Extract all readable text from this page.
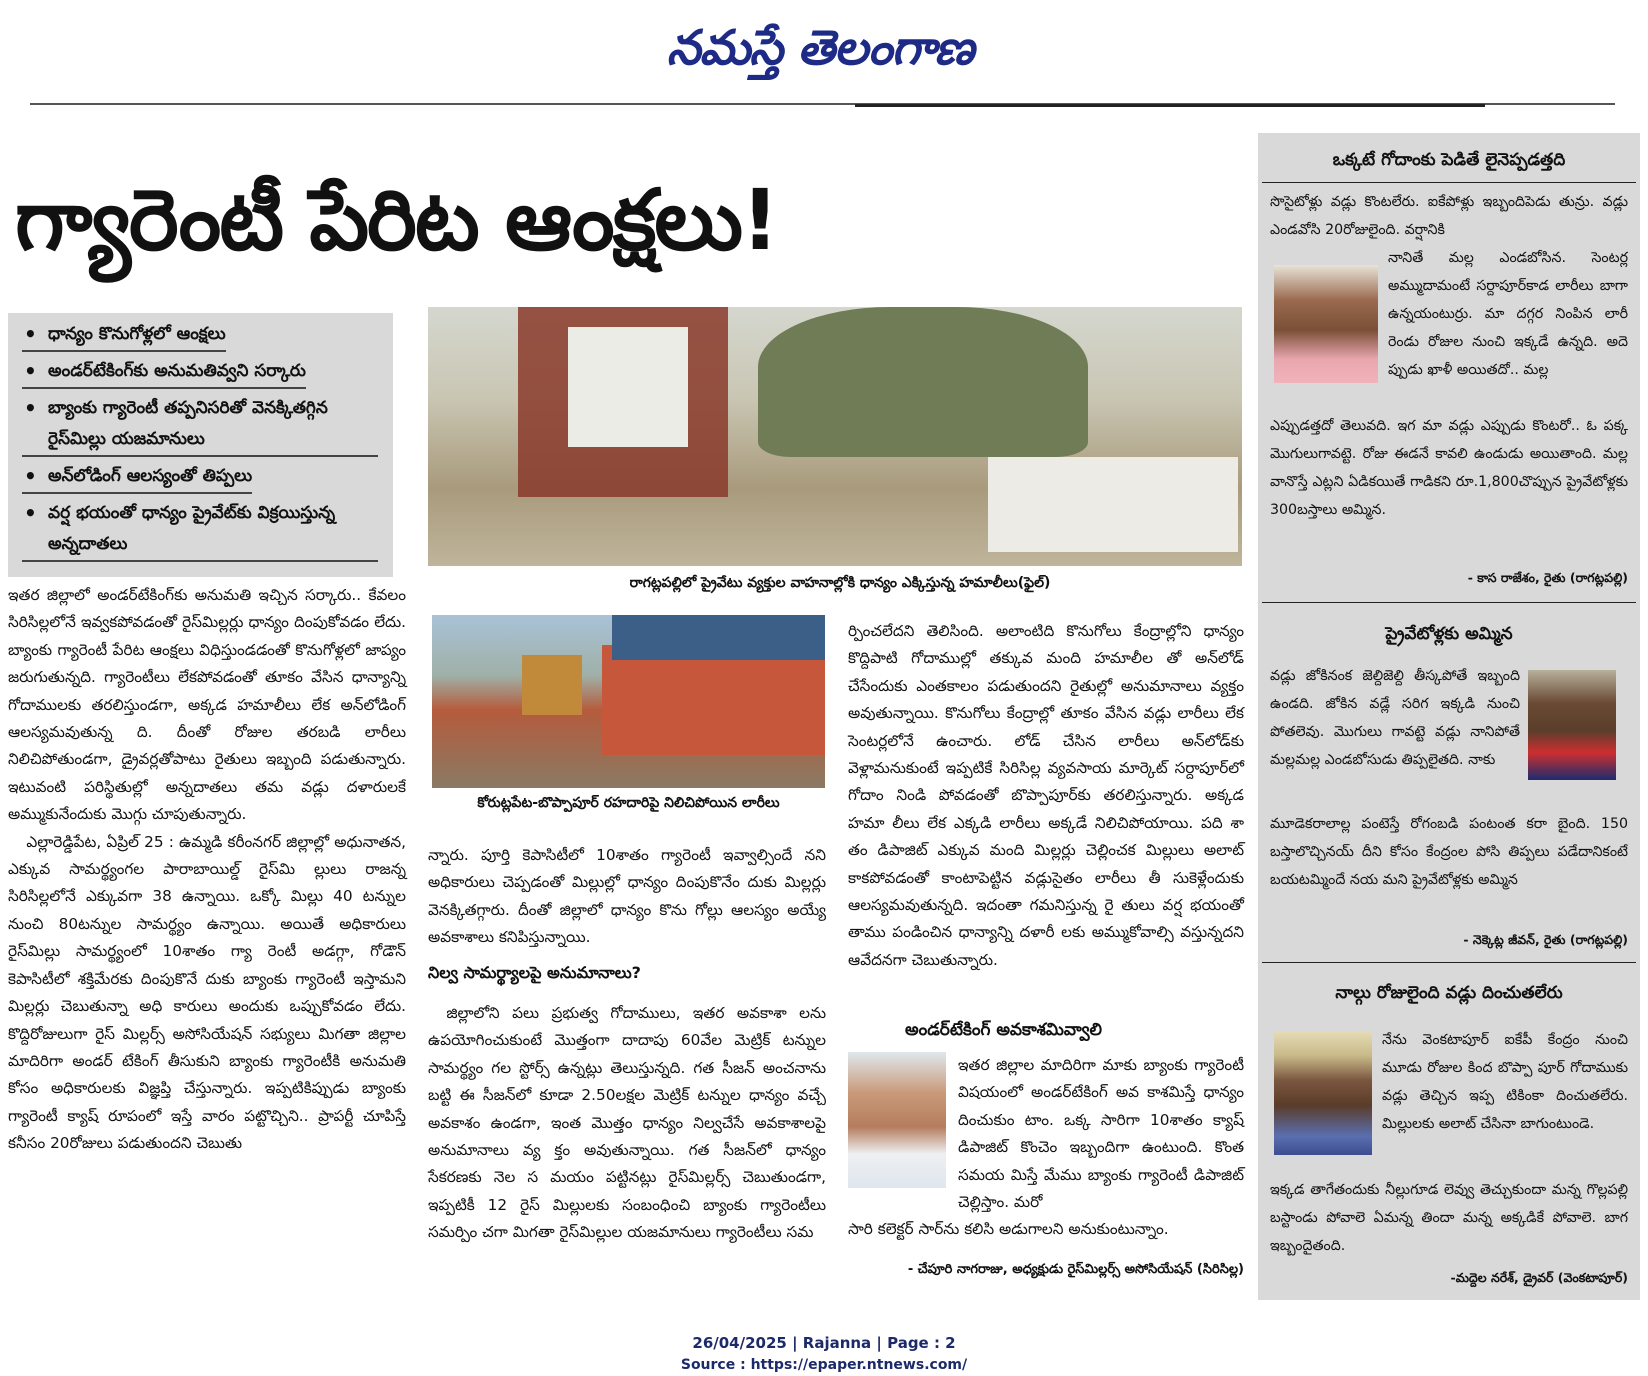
నమస్తే తెలంగాణ
గ్యారెంటీ పేరిట ఆంక్షలు!
• ధాన్యం కొనుగోళ్లలో ఆంక్షలు
• అండర్‌టేకింగ్‌కు అనుమతివ్వని సర్కారు
• బ్యాంకు గ్యారెంటీ తప్పనిసరితో వెనక్కితగ్గిన రైస్‌మిల్లు యజమానులు
• అన్‌లోడింగ్ ఆలస్యంతో తిప్పలు
• వర్ష భయంతో ధాన్యం ప్రైవేట్‌కు విక్రయిస్తున్న అన్నదాతలు
రాగట్లపల్లిలో ప్రైవేటు వ్యక్తుల వాహనాల్లోకి ధాన్యం ఎక్కిస్తున్న హమాలీలు(ఫైల్)
కోరుట్లపేట-బొప్పాపూర్ రహదారిపై నిలిచిపోయిన లారీలు

ఇతర జిల్లాలో అండర్‌టేకింగ్‌కు అనుమతి ఇచ్చిన సర్కారు.. కేవలం సిరిసిల్లలోనే ఇవ్వకపోవడంతో రైస్‌మిల్లర్లు ధాన్యం దింపుకోవడం లేదు. బ్యాంకు గ్యారెంటీ పేరిట ఆంక్షలు విధిస్తుండడంతో కొనుగోళ్లలో జాప్యం జరుగుతున్నది. గ్యారెంటీలు లేకపోవడంతో తూకం వేసిన ధాన్యాన్ని గోదాములకు తరలిస్తుండగా, అక్కడ హమాలీలు లేక అన్‌లోడింగ్ ఆలస్యమవుతున్న ది. దీంతో రోజుల తరబడి లారీలు నిలిచిపోతుండగా, డ్రైవర్లతోపాటు రైతులు ఇబ్బంది పడుతున్నారు. ఇటువంటి పరిస్థితుల్లో అన్నదాతలు తమ వడ్లు దళారులకే అమ్ముకునేందుకు మొగ్గు చూపుతున్నారు.

ఎల్లారెడ్డిపేట, ఏప్రిల్ 25 : ఉమ్మడి కరీంనగర్ జిల్లాల్లో అధునాతన, ఎక్కువ సామర్థ్యంగల పారాబాయిల్డ్ రైస్‌మి ల్లులు రాజన్న సిరిసిల్లలోనే ఎక్కువగా 38 ఉన్నాయి. ఒక్కో మిల్లు 40 టన్నుల నుంచి 80టన్నుల సామర్థ్యం ఉన్నాయి. అయితే అధికారులు రైస్‌మిల్లు సామర్థ్యంలో 10శాతం గ్యా రెంటీ అడగ్గా, గోడౌన్ కెపాసిటీలో శక్తిమేరకు దింపుకొనే దుకు బ్యాంకు గ్యారెంటీ ఇస్తామని మిల్లర్లు చెబుతున్నా అధి కారులు అందుకు ఒప్పుకోవడం లేదు. కొద్దిరోజులుగా రైస్ మిల్లర్స్ అసోసియేషన్ సభ్యులు మిగతా జిల్లాల మాదిరిగా అండర్ టేకింగ్ తీసుకుని బ్యాంకు గ్యారెంటీకి అనుమతి కోసం అధికారులకు విజ్ఞప్తి చేస్తున్నారు. ఇప్పటికిప్పుడు బ్యాంకు గ్యారెంటీ క్యాష్ రూపంలో ఇస్తే వారం పట్టొచ్చిని.. ప్రాపర్టీ చూపిస్తే కనీసం 20రోజులు పడుతుందని చెబుతు

న్నారు. పూర్తి కెపాసిటీలో 10శాతం గ్యారెంటీ ఇవ్వాల్సిందే నని అధికారులు చెప్పడంతో మిల్లుల్లో ధాన్యం దింపుకొనేం దుకు మిల్లర్లు వెనక్కితగ్గారు. దీంతో జిల్లాలో ధాన్యం కొను గోల్లు ఆలస్యం అయ్యే అవకాశాలు కనిపిస్తున్నాయి.

నిల్వ సామర్థ్యాలపై అనుమానాలు?

జిల్లాలోని పలు ప్రభుత్వ గోదాములు, ఇతర అవకాశా లను ఉపయోగించుకుంటే మొత్తంగా దాదాపు 60వేల మెట్రిక్ టన్నుల సామర్థ్యం గల స్టోర్స్ ఉన్నట్లు తెలుస్తున్నది. గత సీజన్ అంచనాను బట్టి ఈ సీజన్‌లో కూడా 2.50లక్షల మెట్రిక్ టన్నుల ధాన్యం వచ్చే అవకాశం ఉండగా, ఇంత మొత్తం ధాన్యం నిల్వచేసే అవకాశాలపై అనుమానాలు వ్య క్తం అవుతున్నాయి. గత సీజన్‌లో ధాన్యం సేకరణకు నెల స మయం పట్టినట్లు రైస్‌మిల్లర్స్ చెబుతుండగా, ఇప్పటికీ 12 రైస్ మిల్లులకు సంబంధించి బ్యాంకు గ్యారెంటీలు సమర్పిం చగా మిగతా రైస్‌మిల్లుల యజమానులు గ్యారెంటీలు సమ

ర్పించలేదని తెలిసింది. అలాంటిది కొనుగోలు కేంద్రాల్లోని ధాన్యం కొద్దిపాటి గోదాముల్లో తక్కువ మంది హమాలీల తో అన్‌లోడ్ చేసేందుకు ఎంతకాలం పడుతుందని రైతుల్లో అనుమానాలు వ్యక్తం అవుతున్నాయి. కొనుగోలు కేంద్రాల్లో తూకం వేసిన వడ్లు లారీలు లేక సెంటర్లలోనే ఉంచారు. లోడ్ చేసిన లారీలు అన్‌లోడ్‌కు వెళ్లామనుకుంటే ఇప్పటికే సిరిసిల్ల వ్యవసాయ మార్కెట్ సర్దాపూర్‌లో గోదాం నిండి పోవడంతో బొప్పాపూర్‌కు తరలిస్తున్నారు. అక్కడ హమా లీలు లేక ఎక్కడి లారీలు అక్కడే నిలిచిపోయాయి. పది శా తం డిపాజిట్ ఎక్కువ మంది మిల్లర్లు చెల్లించక మిల్లులు అలాట్ కాకపోవడంతో కాంటాపెట్టిన వడ్లుసైతం లారీలు తీ సుకెళ్లేందుకు ఆలస్యమవుతున్నది. ఇదంతా గమనిస్తున్న రై తులు వర్ష భయంతో తాము పండించిన ధాన్యాన్ని దళారీ లకు అమ్ముకోవాల్సి వస్తున్నదని ఆవేదనగా చెబుతున్నారు.

అండర్‌టేకింగ్ అవకాశమివ్వాలి

ఇతర జిల్లాల మాదిరిగా మాకు బ్యాంకు గ్యారెంటీ విషయంలో అండర్‌టేకింగ్ అవ కాశమిస్తే ధాన్యం దించుకుం టాం. ఒక్క సారిగా 10శాతం క్యాష్ డిపాజిట్ కొంచెం ఇబ్బందిగా ఉంటుంది. కొంత సమయ మిస్తే మేము బ్యాంకు గ్యారెంటీ డిపాజిట్ చెల్లిస్తాం. మరో

సారి కలెక్టర్ సార్‌ను కలిసి అడుగాలని అనుకుంటున్నాం.

- చేపూరి నాగరాజు, అధ్యక్షుడు రైస్‌మిల్లర్స్ అసోసియేషన్ (సిరిసిల్ల)
ఒక్కటే గోదాంకు పెడితే లైనెప్పడత్తది

సొసైటోళ్లు వడ్లు కొంటలేరు. ఐకేపోళ్లు ఇబ్బందిపెడు తున్రు. వడ్లు ఎండవోసి 20రోజులైంది. వర్షానికి

నానితే మల్ల ఎండబోసిన. సెంటర్ల అమ్ముదామంటే సర్దాపూర్‌కాడ లారీలు బాగా ఉన్నయంటుర్రు. మా దగ్గర నింపిన లారీ రెండు రోజుల నుంచి ఇక్కడే ఉన్నది. అదె ప్పుడు ఖాళీ అయితదో.. మల్ల

ఎప్పుడత్తదో తెలువది. ఇగ మా వడ్లు ఎప్పుడు కొంటరో.. ఓ పక్క మొగులుగావట్టె. రోజు ఈడనే కావలి ఉండుడు అయితాంది. మల్ల వానొస్తే ఎట్లని ఏడికయితే గాడికని రూ.1,800చొప్పున ప్రైవేటోళ్లకు 300బస్తాలు అమ్మిన.

- కాస రాజేశం, రైతు (రాగట్లపల్లి)
ప్రైవేటోళ్లకు అమ్మిన

వడ్లు జోకినంక జెల్దిజెల్ది తీస్కపోతే ఇబ్బంది ఉండది. జోకిన వడ్లే సరిగ ఇక్కడి నుంచి పోతలెవు. మొగులు గావట్టె వడ్లు నానిపోతే మల్లమల్ల ఎండబోసుడు తిప్పలైతది. నాకు

మూడెకరాలాల్ల పంటెస్తే రోగంబడి పంటంత కరా బైంది. 150 బస్తాలొచ్చినయ్ దీని కోసం కేంద్రంల పోసి తిప్పలు పడేదానికంటే బయటమ్మిందే నయ మని ప్రైవేటోళ్లకు అమ్మిన

- నెక్కెట్ల జీవన్, రైతు (రాగట్లపల్లి)
నాల్గు రోజులైంది వడ్లు దించుతలేరు

నేను వెంకటాపూర్ ఐకేపీ కేంద్రం నుంచి మూడు రోజుల కింద బొప్పా పూర్ గోదాముకు వడ్లు తెచ్చిన ఇప్ప టికింకా దించుతలేరు. మిల్లులకు అలాట్ చేసినా బాగుంటుండె.

ఇక్కడ తాగేతందుకు నీల్లుగూడ లెవ్వు తెచ్చుకుందా మన్న గొల్లపల్లి బస్టాండు పోవాలె ఏమన్న తిందా మన్న అక్కడికే పోవాలె. బాగ ఇబ్బందైతంది.

-మద్దెల నరేశ్, డ్రైవర్ (వెంకటాపూర్)
26/04/2025 | Rajanna | Page : 2
Source : https://epaper.ntnews.com/
